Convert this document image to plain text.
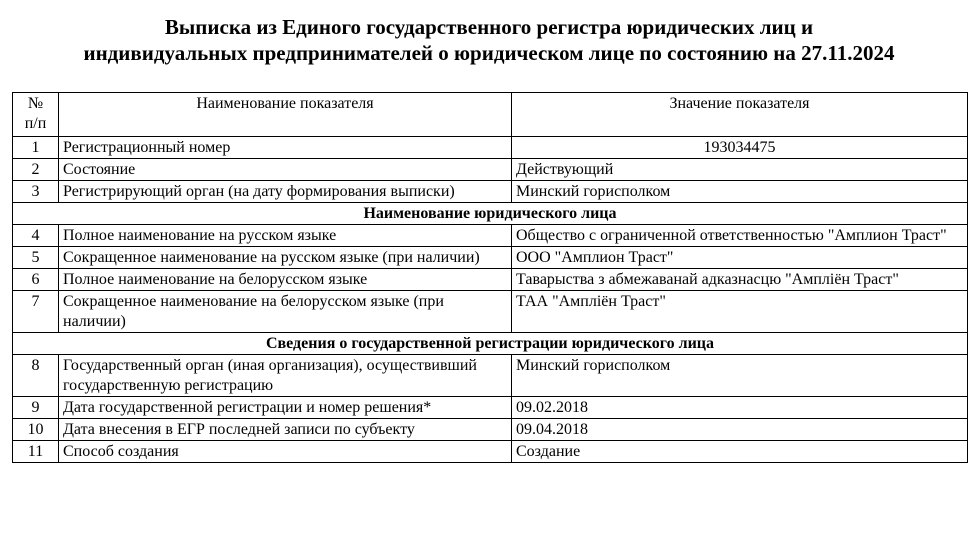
Выписка из Единого государственного регистра юридических лиц и
индивидуальных предпринимателей о юридическом лице по состоянию на 27.11.2024
№
п/п	Наименование показателя	Значение показателя
1	Регистрационный номер	193034475
2	Состояние	Действующий
3	Регистрирующий орган (на дату формирования выписки)	Минский горисполком
Наименование юридического лица		
4	Полное наименование на русском языке	Общество с ограниченной ответственностью "Амплион Траст"
5	Сокращенное наименование на русском языке (при наличии)	ООО "Амплион Траст"
6	Полное наименование на белорусском языке	Таварыства з абмежаванай адказнасцю "Амплiён Траст"
7	Сокращенное наименование на белорусском языке (при наличии)	ТАА "Амплiён Траст"
Сведения о государственной регистрации юридического лица		
8	Государственный орган (иная организация), осуществивший государственную регистрацию	Минский горисполком
9	Дата государственной регистрации и номер решения*	09.02.2018
10	Дата внесения в ЕГР последней записи по субъекту	09.04.2018
11	Способ создания	Создание
